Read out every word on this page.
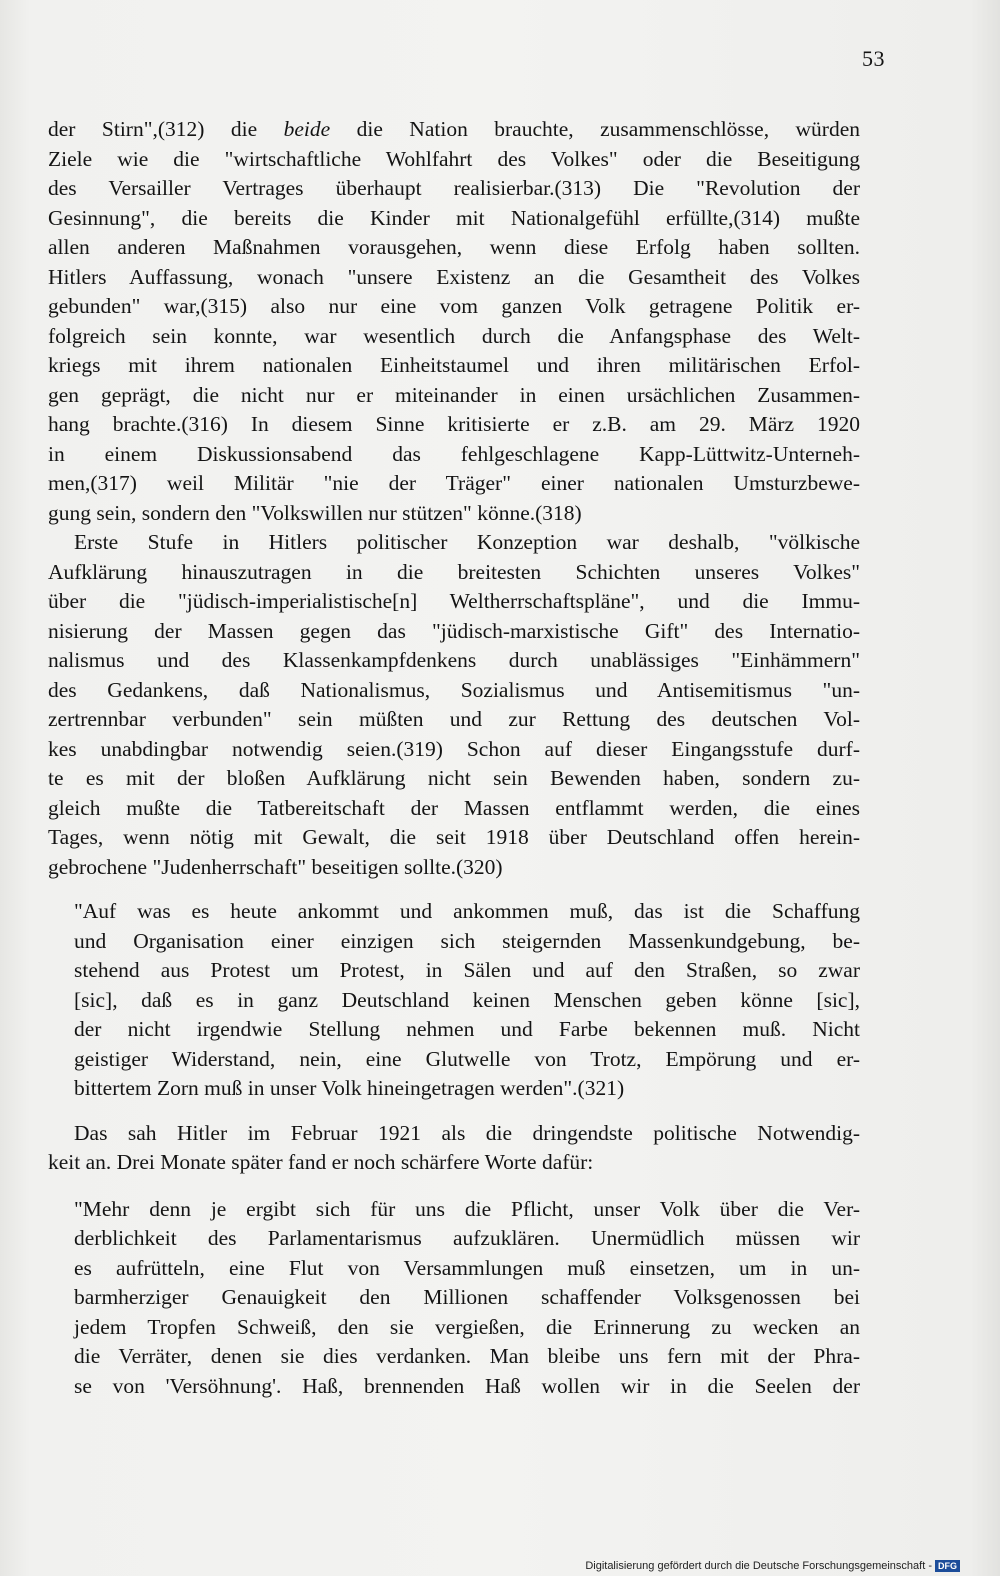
53
der Stirn",(312) die beide die Nation brauchte, zusammenschlösse, würden
Ziele wie die "wirtschaftliche Wohlfahrt des Volkes" oder die Beseitigung
des Versailler Vertrages überhaupt realisierbar.(313) Die "Revolution der
Gesinnung", die bereits die Kinder mit Nationalgefühl erfüllte,(314) mußte
allen anderen Maßnahmen vorausgehen, wenn diese Erfolg haben sollten.
Hitlers Auffassung, wonach "unsere Existenz an die Gesamtheit des Volkes
gebunden" war,(315) also nur eine vom ganzen Volk getragene Politik er-
folgreich sein konnte, war wesentlich durch die Anfangsphase des Welt-
kriegs mit ihrem nationalen Einheitstaumel und ihren militärischen Erfol-
gen geprägt, die nicht nur er miteinander in einen ursächlichen Zusammen-
hang brachte.(316) In diesem Sinne kritisierte er z.B. am 29. März 1920
in einem Diskussionsabend das fehlgeschlagene Kapp-Lüttwitz-Unterneh-
men,(317) weil Militär "nie der Träger" einer nationalen Umsturzbewe-
gung sein, sondern den "Volkswillen nur stützen" könne.(318)
Erste Stufe in Hitlers politischer Konzeption war deshalb, "völkische
Aufklärung hinauszutragen in die breitesten Schichten unseres Volkes"
über die "jüdisch-imperialistische[n] Weltherrschaftspläne", und die Immu-
nisierung der Massen gegen das "jüdisch-marxistische Gift" des Internatio-
nalismus und des Klassenkampfdenkens durch unablässiges "Einhämmern"
des Gedankens, daß Nationalismus, Sozialismus und Antisemitismus "un-
zertrennbar verbunden" sein müßten und zur Rettung des deutschen Vol-
kes unabdingbar notwendig seien.(319) Schon auf dieser Eingangsstufe durf-
te es mit der bloßen Aufklärung nicht sein Bewenden haben, sondern zu-
gleich mußte die Tatbereitschaft der Massen entflammt werden, die eines
Tages, wenn nötig mit Gewalt, die seit 1918 über Deutschland offen herein-
gebrochene "Judenherrschaft" beseitigen sollte.(320)
"Auf was es heute ankommt und ankommen muß, das ist die Schaffung
und Organisation einer einzigen sich steigernden Massenkundgebung, be-
stehend aus Protest um Protest, in Sälen und auf den Straßen, so zwar
[sic], daß es in ganz Deutschland keinen Menschen geben könne [sic],
der nicht irgendwie Stellung nehmen und Farbe bekennen muß. Nicht
geistiger Widerstand, nein, eine Glutwelle von Trotz, Empörung und er-
bittertem Zorn muß in unser Volk hineingetragen werden".(321)
Das sah Hitler im Februar 1921 als die dringendste politische Notwendig-
keit an. Drei Monate später fand er noch schärfere Worte dafür:
"Mehr denn je ergibt sich für uns die Pflicht, unser Volk über die Ver-
derblichkeit des Parlamentarismus aufzuklären. Unermüdlich müssen wir
es aufrütteln, eine Flut von Versammlungen muß einsetzen, um in un-
barmherziger Genauigkeit den Millionen schaffender Volksgenossen bei
jedem Tropfen Schweiß, den sie vergießen, die Erinnerung zu wecken an
die Verräter, denen sie dies verdanken. Man bleibe uns fern mit der Phra-
se von 'Versöhnung'. Haß, brennenden Haß wollen wir in die Seelen der
Digitalisierung gefördert durch die Deutsche Forschungsgemeinschaft - DFG
